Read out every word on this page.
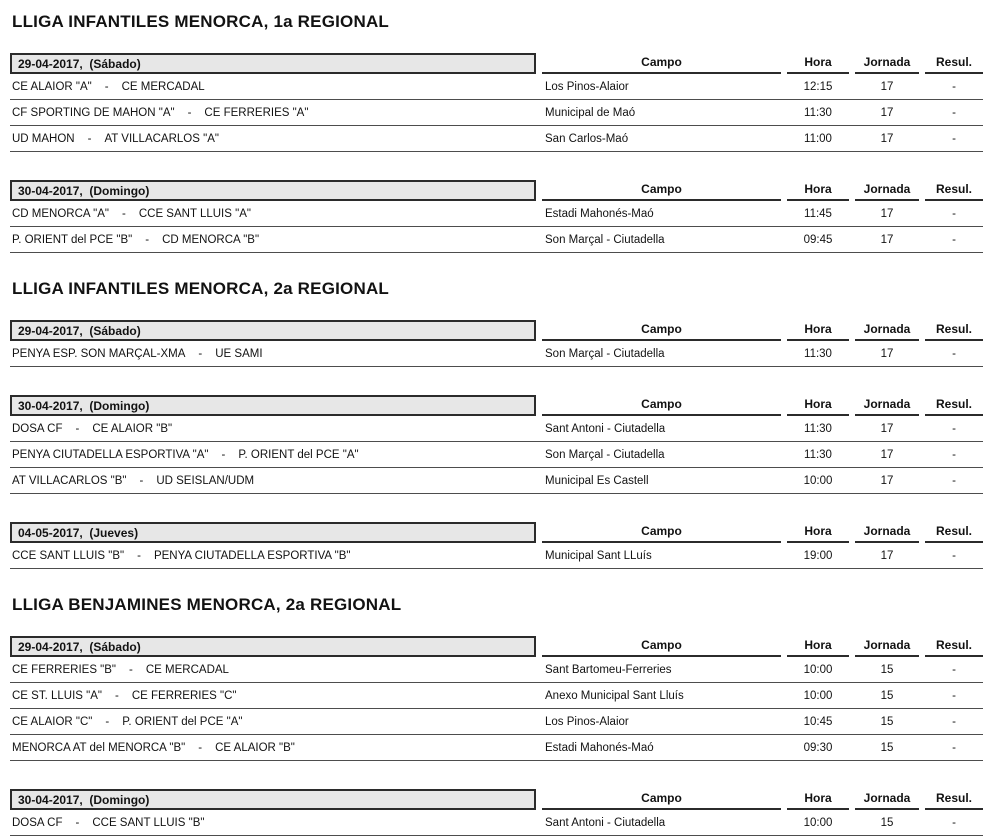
LLIGA INFANTILES MENORCA, 1a REGIONAL
29-04-2017,  (Sábado)	Campo	Hora	Jornada	Resul.
CE ALAIOR "A" - CE MERCADAL	Los Pinos-Alaior	12:15	17	-
CF SPORTING DE MAHON "A" - CE FERRERIES "A"	Municipal de Maó	11:30	17	-
UD MAHON - AT VILLACARLOS "A"	San Carlos-Maó	11:00	17	-
30-04-2017,  (Domingo)	Campo	Hora	Jornada	Resul.
CD MENORCA "A" - CCE SANT LLUIS "A"	Estadi Mahonés-Maó	11:45	17	-
P. ORIENT del PCE "B" - CD MENORCA "B"	Son Marçal - Ciutadella	09:45	17	-
LLIGA INFANTILES MENORCA, 2a REGIONAL
29-04-2017,  (Sábado)	Campo	Hora	Jornada	Resul.
PENYA ESP. SON MARÇAL-XMA - UE SAMI	Son Marçal - Ciutadella	11:30	17	-
30-04-2017,  (Domingo)	Campo	Hora	Jornada	Resul.
DOSA CF - CE ALAIOR "B"	Sant Antoni - Ciutadella	11:30	17	-
PENYA CIUTADELLA ESPORTIVA "A" - P. ORIENT del PCE "A"	Son Marçal - Ciutadella	11:30	17	-
AT VILLACARLOS "B" - UD SEISLAN/UDM	Municipal Es Castell	10:00	17	-
04-05-2017,  (Jueves)	Campo	Hora	Jornada	Resul.
CCE SANT LLUÍS "B" - PENYA CIUTADELLA ESPORTIVA "B"	Municipal Sant LLuís	19:00	17	-
LLIGA BENJAMINES MENORCA, 2a REGIONAL
29-04-2017,  (Sábado)	Campo	Hora	Jornada	Resul.
CE FERRERIES "B" - CE MERCADAL	Sant Bartomeu-Ferreries	10:00	15	-
CE ST. LLUIS "A" - CE FERRERIES "C"	Anexo Municipal Sant Lluís	10:00	15	-
CE ALAIOR "C" - P. ORIENT del PCE "A"	Los Pinos-Alaior	10:45	15	-
MENORCA AT del MENORCA "B" - CE ALAIOR "B"	Estadi Mahonés-Maó	09:30	15	-
30-04-2017,  (Domingo)	Campo	Hora	Jornada	Resul.
DOSA CF - CCE SANT LLUÍS "B"	Sant Antoni - Ciutadella	10:00	15	-
